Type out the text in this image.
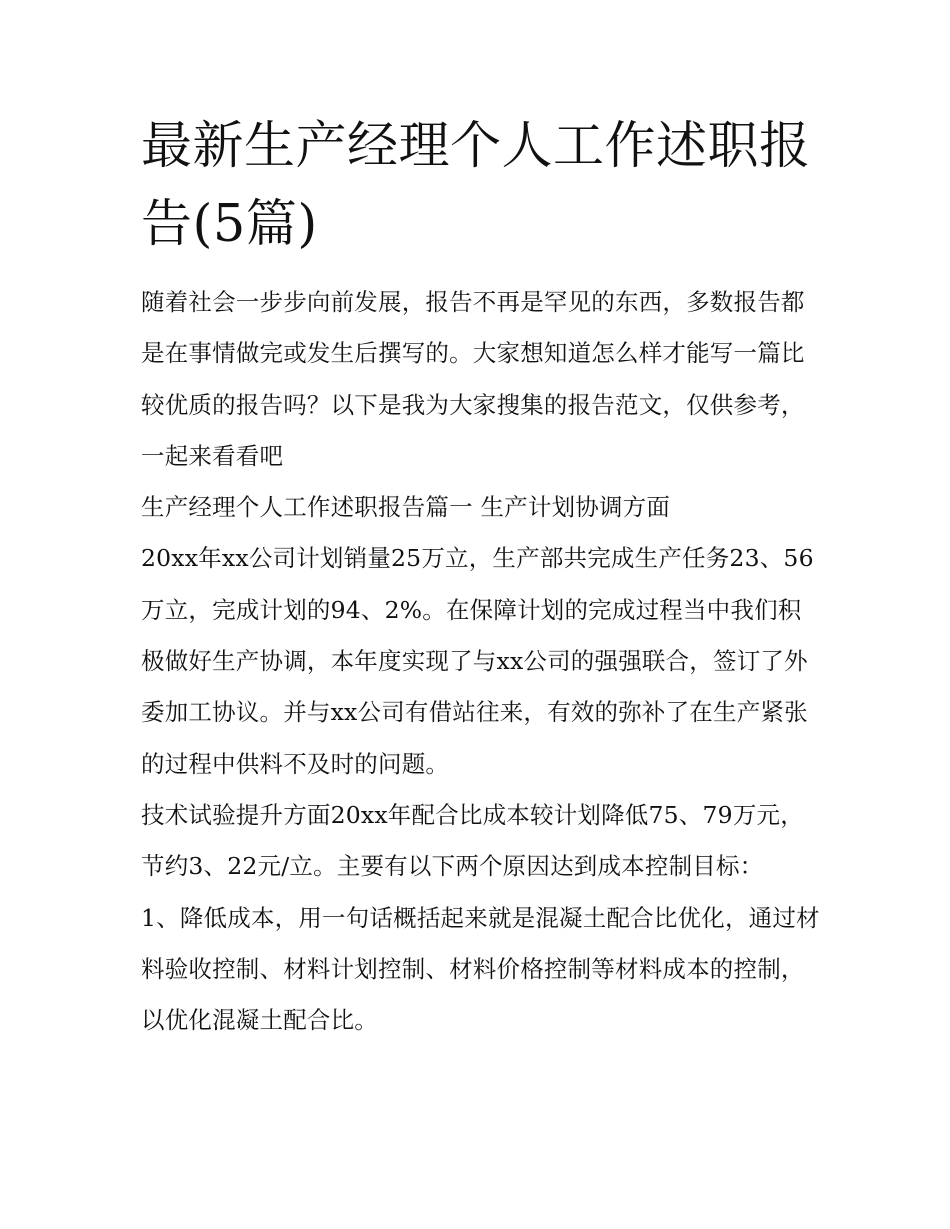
最新生产经理个人工作述职报告(5篇)

随着社会一步步向前发展，报告不再是罕见的东西，多数报告都是在事情做完或发生后撰写的。大家想知道怎么样才能写一篇比较优质的报告吗？以下是我为大家搜集的报告范文，仅供参考，一起来看看吧

生产经理个人工作述职报告篇一 生产计划协调方面

20xx年xx公司计划销量25万立，生产部共完成生产任务23、56万立，完成计划的94、2%。在保障计划的完成过程当中我们积极做好生产协调，本年度实现了与xx公司的强强联合，签订了外委加工协议。并与xx公司有借站往来，有效的弥补了在生产紧张的过程中供料不及时的问题。

技术试验提升方面20xx年配合比成本较计划降低75、79万元，节约3、22元/立。主要有以下两个原因达到成本控制目标：

1、降低成本，用一句话概括起来就是混凝土配合比优化，通过材料验收控制、材料计划控制、材料价格控制等材料成本的控制，以优化混凝土配合比。
